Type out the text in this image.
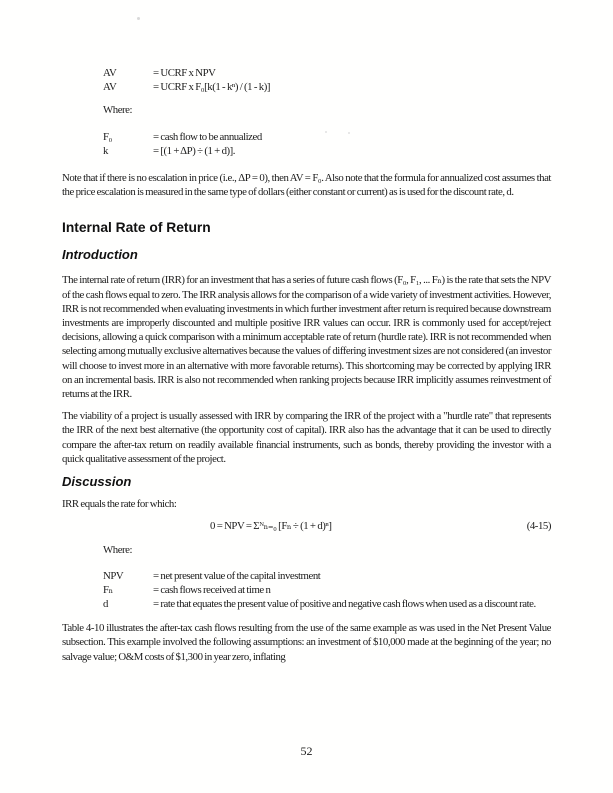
AV	= UCRF x NPV
AV	= UCRF x F₀[k(1 - kⁿ) / (1 - k)]
Where:
F₀	= cash flow to be annualized
k	= [(1 + ΔP) ÷ (1 + d)].

Note that if there is no escalation in price (i.e., ΔP = 0), then AV = F₀. Also note that the formula for annualized cost assumes that the price escalation is measured in the same type of dollars (either constant or current) as is used for the discount rate, d.

Internal Rate of Return
Introduction

The internal rate of return (IRR) for an investment that has a series of future cash flows (F₀, F₁, ... Fₙ) is the rate that sets the NPV of the cash flows equal to zero. The IRR analysis allows for the comparison of a wide variety of investment activities. However, IRR is not recommended when evaluating investments in which further investment after return is required because downstream investments are improperly discounted and multiple positive IRR values can occur. IRR is commonly used for accept/reject decisions, allowing a quick comparison with a minimum acceptable rate of return (hurdle rate). IRR is not recommended when selecting among mutually exclusive alternatives because the values of differing investment sizes are not considered (an investor will choose to invest more in an alternative with more favorable returns). This shortcoming may be corrected by applying IRR on an incremental basis. IRR is also not recommended when ranking projects because IRR implicitly assumes reinvestment of returns at the IRR.

The viability of a project is usually assessed with IRR by comparing the IRR of the project with a "hurdle rate" that represents the IRR of the next best alternative (the opportunity cost of capital). IRR also has the advantage that it can be used to directly compare the after-tax return on readily available financial instruments, such as bonds, thereby providing the investor with a quick qualitative assessment of the project.

Discussion

IRR equals the rate for which:

0 = NPV = Σᴺₙ₌₀ [Fₙ ÷ (1 + d)ⁿ]	(4-15)
Where:
NPV	= net present value of the capital investment
Fₙ	= cash flows received at time n
d	= rate that equates the present value of positive and negative cash flows when used as a discount rate.

Table 4-10 illustrates the after-tax cash flows resulting from the use of the same example as was used in the Net Present Value subsection. This example involved the following assumptions: an investment of $10,000 made at the beginning of the year; no salvage value; O&M costs of $1,300 in year zero, inflating

52
